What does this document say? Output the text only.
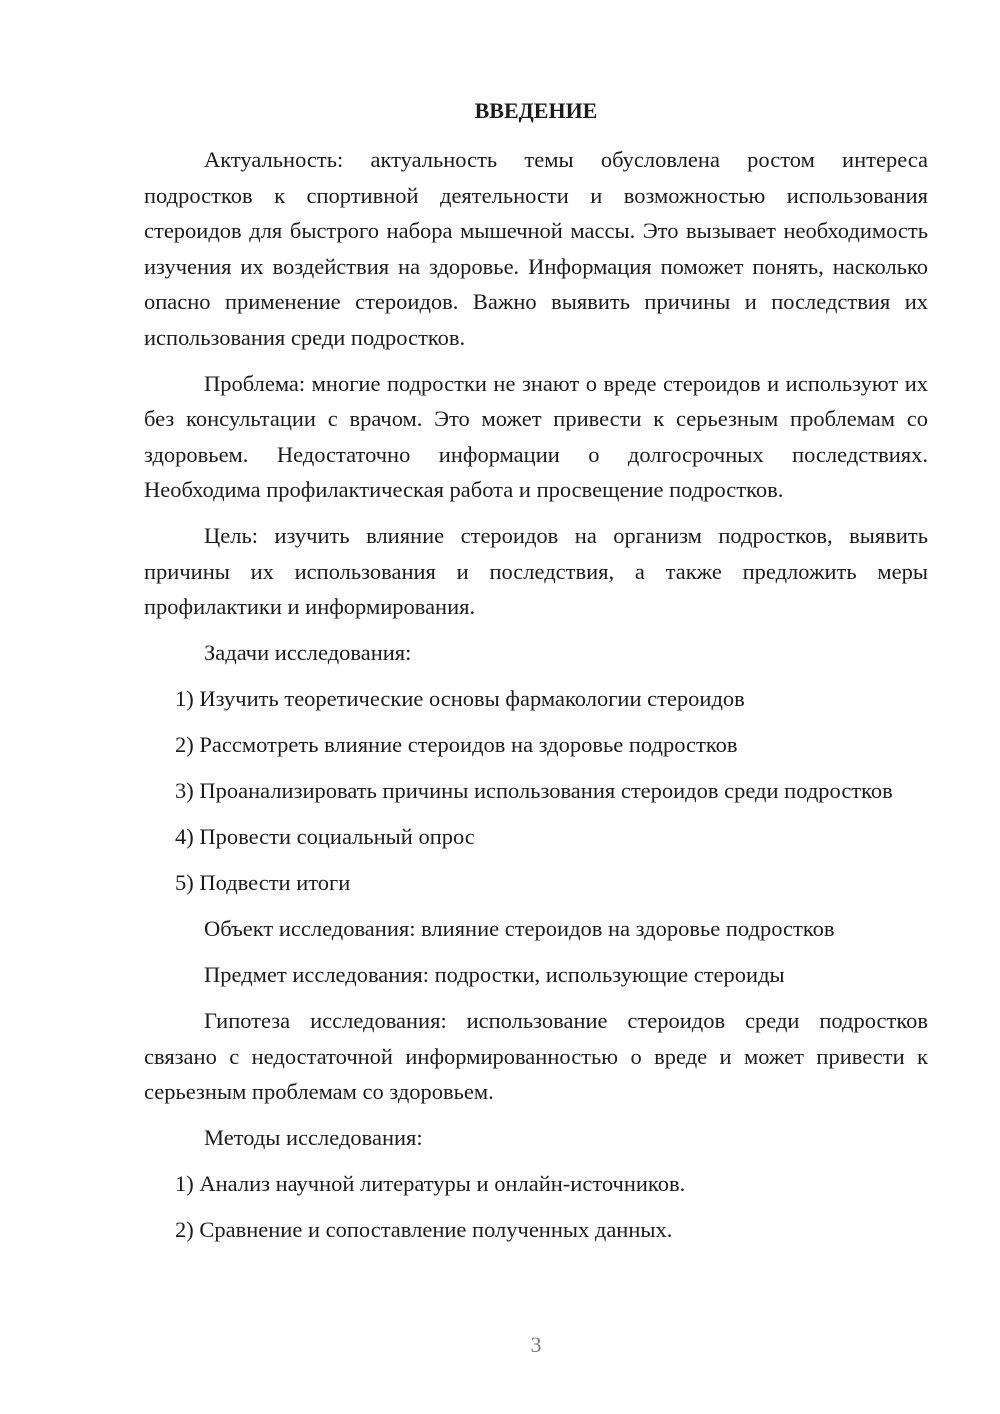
ВВЕДЕНИЕ

Актуальность: актуальность темы обусловлена ростом интереса подростков к спортивной деятельности и возможностью использования стероидов для быстрого набора мышечной массы. Это вызывает необходимость изучения их воздействия на здоровье. Информация поможет понять, насколько опасно применение стероидов. Важно выявить причины и последствия их использования среди подростков.

Проблема: многие подростки не знают о вреде стероидов и используют их без консультации с врачом. Это может привести к серьезным проблемам со здоровьем. Недостаточно информации о долгосрочных последствиях. Необходима профилактическая работа и просвещение подростков.

Цель: изучить влияние стероидов на организм подростков, выявить причины их использования и последствия, а также предложить меры профилактики и информирования.

Задачи исследования:

1) Изучить теоретические основы фармакологии стероидов

2) Рассмотреть влияние стероидов на здоровье подростков

3) Проанализировать причины использования стероидов среди подростков

4) Провести социальный опрос

5) Подвести итоги

Объект исследования: влияние стероидов на здоровье подростков

Предмет исследования: подростки, использующие стероиды

Гипотеза исследования: использование стероидов среди подростков связано с недостаточной информированностью о вреде и может привести к серьезным проблемам со здоровьем.

Методы исследования:

1) Анализ научной литературы и онлайн-источников.

2) Сравнение и сопоставление полученных данных.

3
